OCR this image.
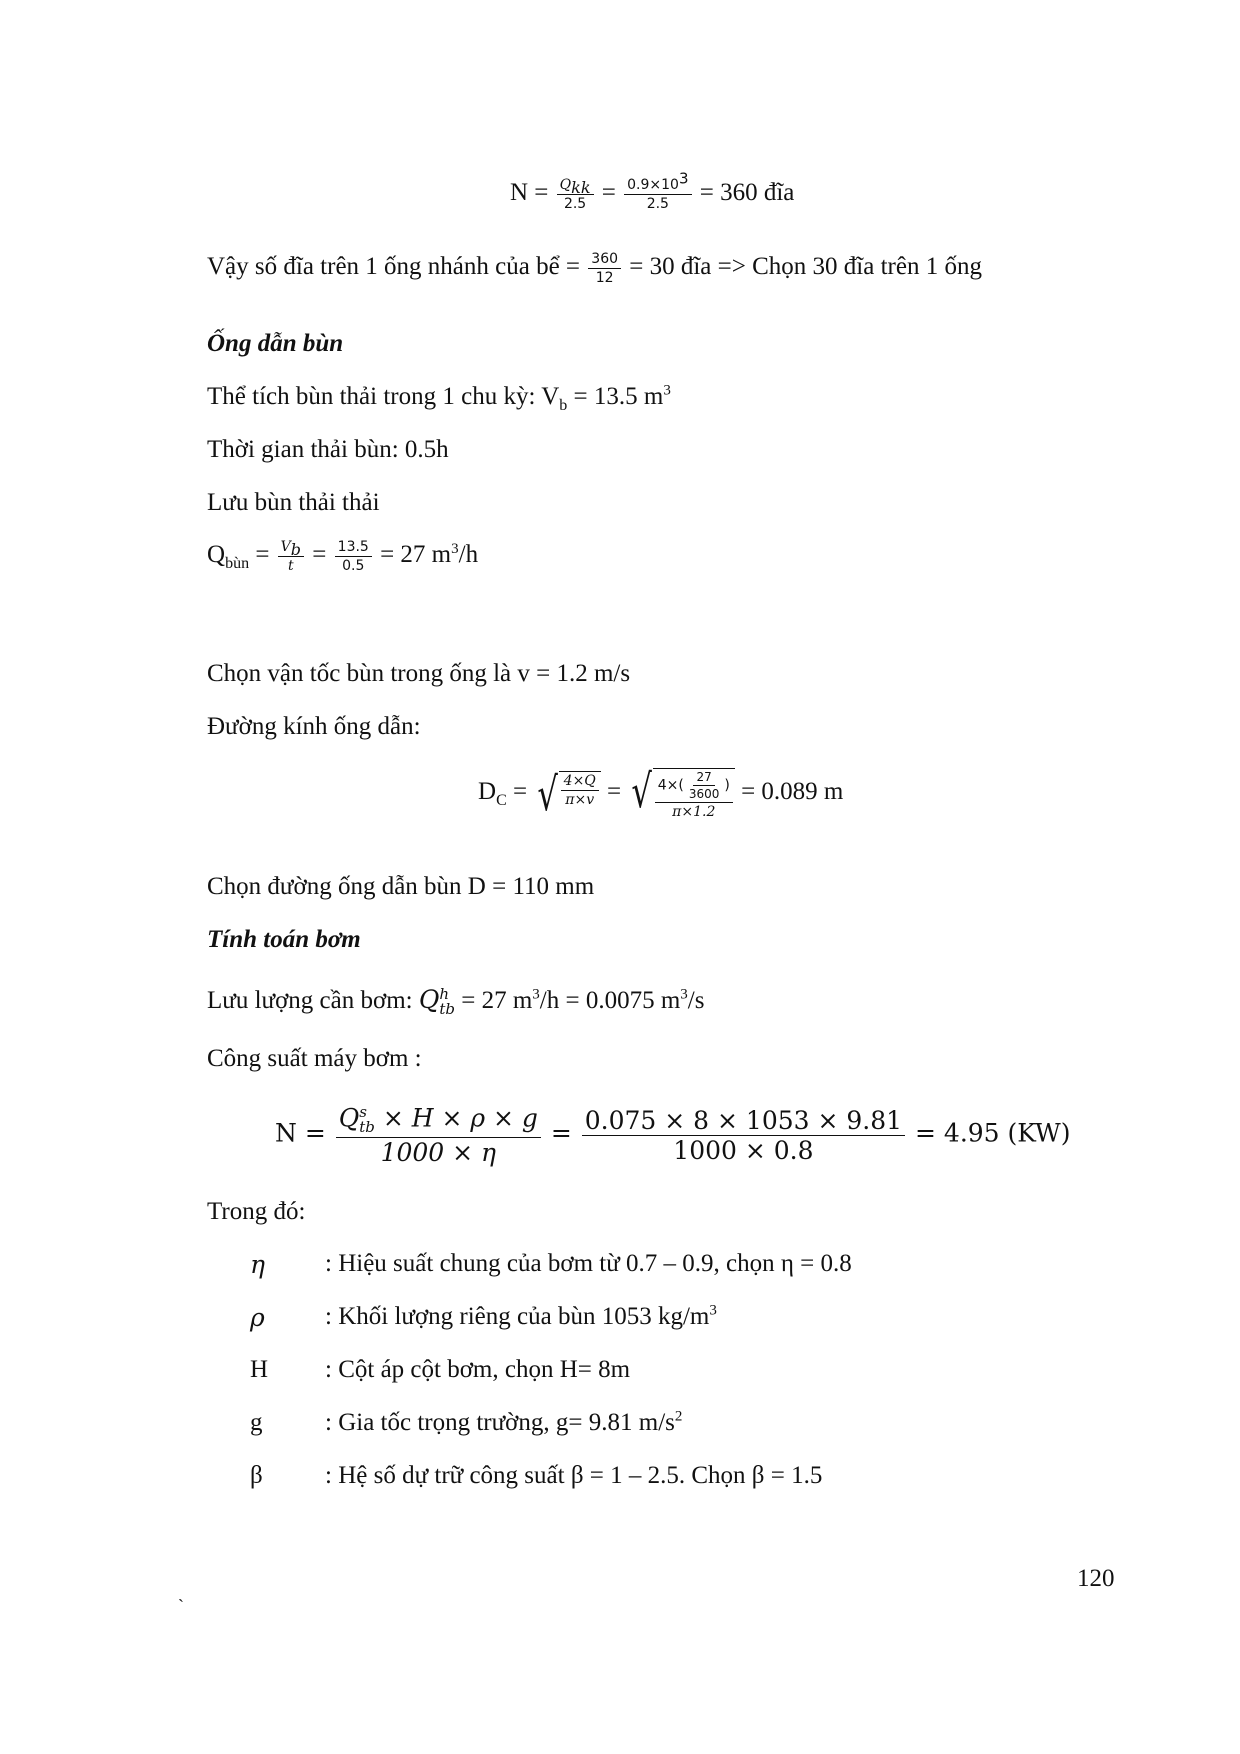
$N = \frac{\text{Qkk}}{2.5} = \frac{0.9\times 103}{2.5} = 360$ đĩa
Vậy số đĩa trên 1 ống nhánh của bể = $\frac{360}{12} = 30$ đĩa => Chọn 30 đĩa trên 1 ống
Ống dẫn bùn
Thể tích bùn thải trong 1 chu kỳ: $V_b = 13.5$ $m^3$
Thời gian thải bùn: 0.5h
Lưu bùn thải thải
$Q_{bùn} = \frac{Vb}{t} = \frac{13.5}{0.5} = 27$ $m^3/h$
Chọn vận tốc bùn trong ống là v = 1.2 m/s
Đường kính ống dẫn:
$D_C$ = √ $\frac{4\times Q}{\pi\times v}$ = √ $\frac{4\times( \frac{27}{3600} )}{\pi\times 1.2} = 0.089$ m
Chọn đường ống dẫn bùn D = 110 mm
Tính toán bơm
Lưu lượng cần bơm: Q h
tb = 27 $m^3/h = 0.0075$ $m^3/s$
Công suất máy bơm :
N = Q s
tb × H × ρ × g
$1000 \times \eta = \frac{0.075 \times 8 \times 1053 \times 9.81}{1000 \times 0.8} = 4.95$ (KW)
Trong đó:
η : Hiệu suất chung của bơm từ 0.7 – 0.9, chọn η = 0.8
ρ : Khối lượng riêng của bùn 1053 $kg/m^3$
H : Cột áp cột bơm, chọn H= 8m
g	: Gia tốc trọng trường, g= 9.81 $m/s^2$
β : Hệ số dự trữ công suất β = 1 – 2.5. Chọn β = 1.5
120
`
